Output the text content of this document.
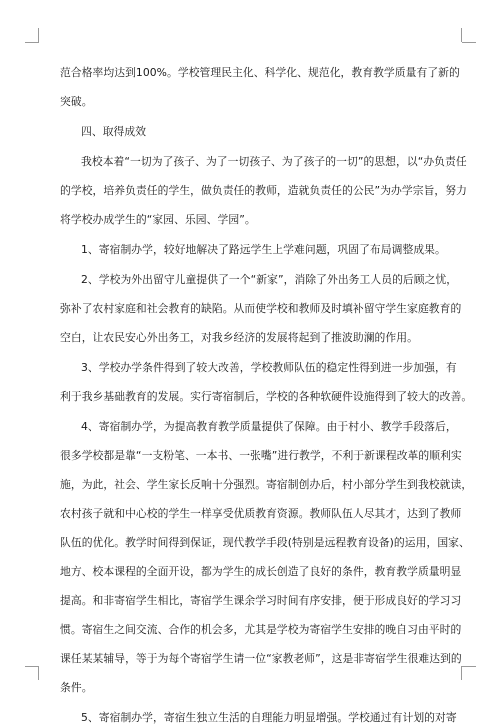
范合格率均达到100%。学校管理民主化、科学化、规范化，教育教学质量有了新的

突破。

四、取得成效

我校本着“一切为了孩子、为了一切孩子、为了孩子的一切”的思想，以“办负责任

的学校，培养负责任的学生，做负责任的教师，造就负责任的公民”为办学宗旨，努力

将学校办成学生的“家园、乐园、学园”。

1、寄宿制办学，较好地解决了路远学生上学难问题，巩固了布局调整成果。

2、学校为外出留守儿童提供了一个“新家”，消除了外出务工人员的后顾之忧，

弥补了农村家庭和社会教育的缺陷。从而使学校和教师及时填补留守学生家庭教育的

空白，让农民安心外出务工，对我乡经济的发展将起到了推波助澜的作用。

3、学校办学条件得到了较大改善，学校教师队伍的稳定性得到进一步加强，有

利于我乡基础教育的发展。实行寄宿制后，学校的各种软硬件设施得到了较大的改善。

4、寄宿制办学，为提高教育教学质量提供了保障。由于村小、教学手段落后，

很多学校都是靠“一支粉笔、一本书、一张嘴”进行教学，不利于新课程改革的顺利实

施，为此，社会、学生家长反响十分强烈。寄宿制创办后，村小部分学生到我校就读，

农村孩子就和中心校的学生一样享受优质教育资源。教师队伍人尽其才，达到了教师

队伍的优化。教学时间得到保证，现代教学手段(特别是远程教育设备)的运用，国家、

地方、校本课程的全面开设，都为学生的成长创造了良好的条件，教育教学质量明显

提高。和非寄宿学生相比，寄宿学生课余学习时间有序安排，便于形成良好的学习习

惯。寄宿生之间交流、合作的机会多，尤其是学校为寄宿学生安排的晚自习由平时的

课任某某辅导，等于为每个寄宿学生请一位“家教老师”，这是非寄宿学生很难达到的

条件。

5、寄宿制办学，寄宿生独立生活的自理能力明显增强。学校通过有计划的对寄
